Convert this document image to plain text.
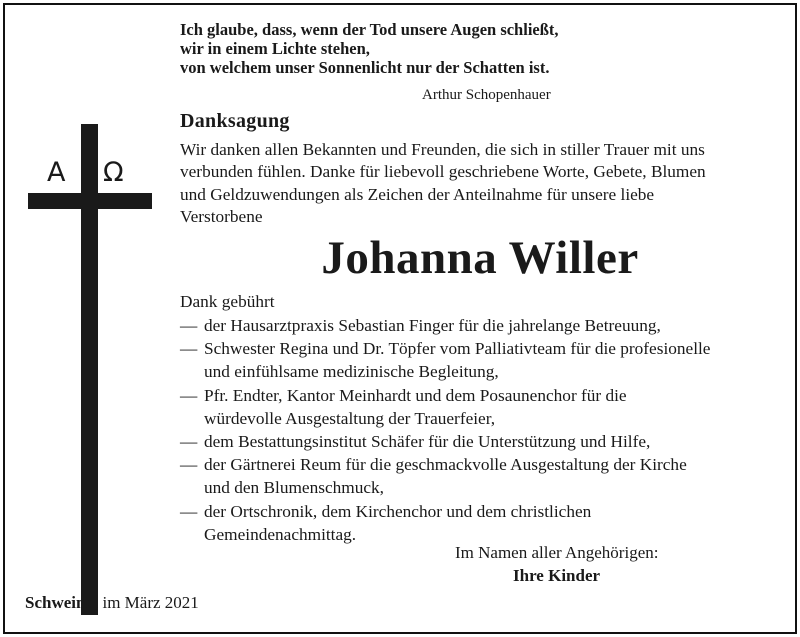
Ich glaube, dass, wenn der Tod unsere Augen schließt,
wir in einem Lichte stehen,
von welchem unser Sonnenlicht nur der Schatten ist.
Arthur Schopenhauer
Α Ω
Danksagung
Wir danken allen Bekannten und Freunden, die sich in stiller Trauer mit uns
verbunden fühlen. Danke für liebevoll geschriebene Worte, Gebete, Blumen
und Geldzuwendungen als Zeichen der Anteilnahme für unsere liebe
Verstorbene
Johanna Willer
Dank gebührt
— der Hausarztpraxis Sebastian Finger für die jahrelange Betreuung,
— Schwester Regina und Dr. Töpfer vom Palliativteam für die profesionelle
und einfühlsame medizinische Begleitung,
— Pfr. Endter, Kantor Meinhardt und dem Posaunenchor für die
würdevolle Ausgestaltung der Trauerfeier,
— dem Bestattungsinstitut Schäfer für die Unterstützung und Hilfe,
— der Gärtnerei Reum für die geschmackvolle Ausgestaltung der Kirche
und den Blumenschmuck,
— der Ortschronik, dem Kirchenchor und dem christlichen
Gemeindenachmittag.
Im Namen aller Angehörigen:
Ihre Kinder
Schweina, im März 2021
